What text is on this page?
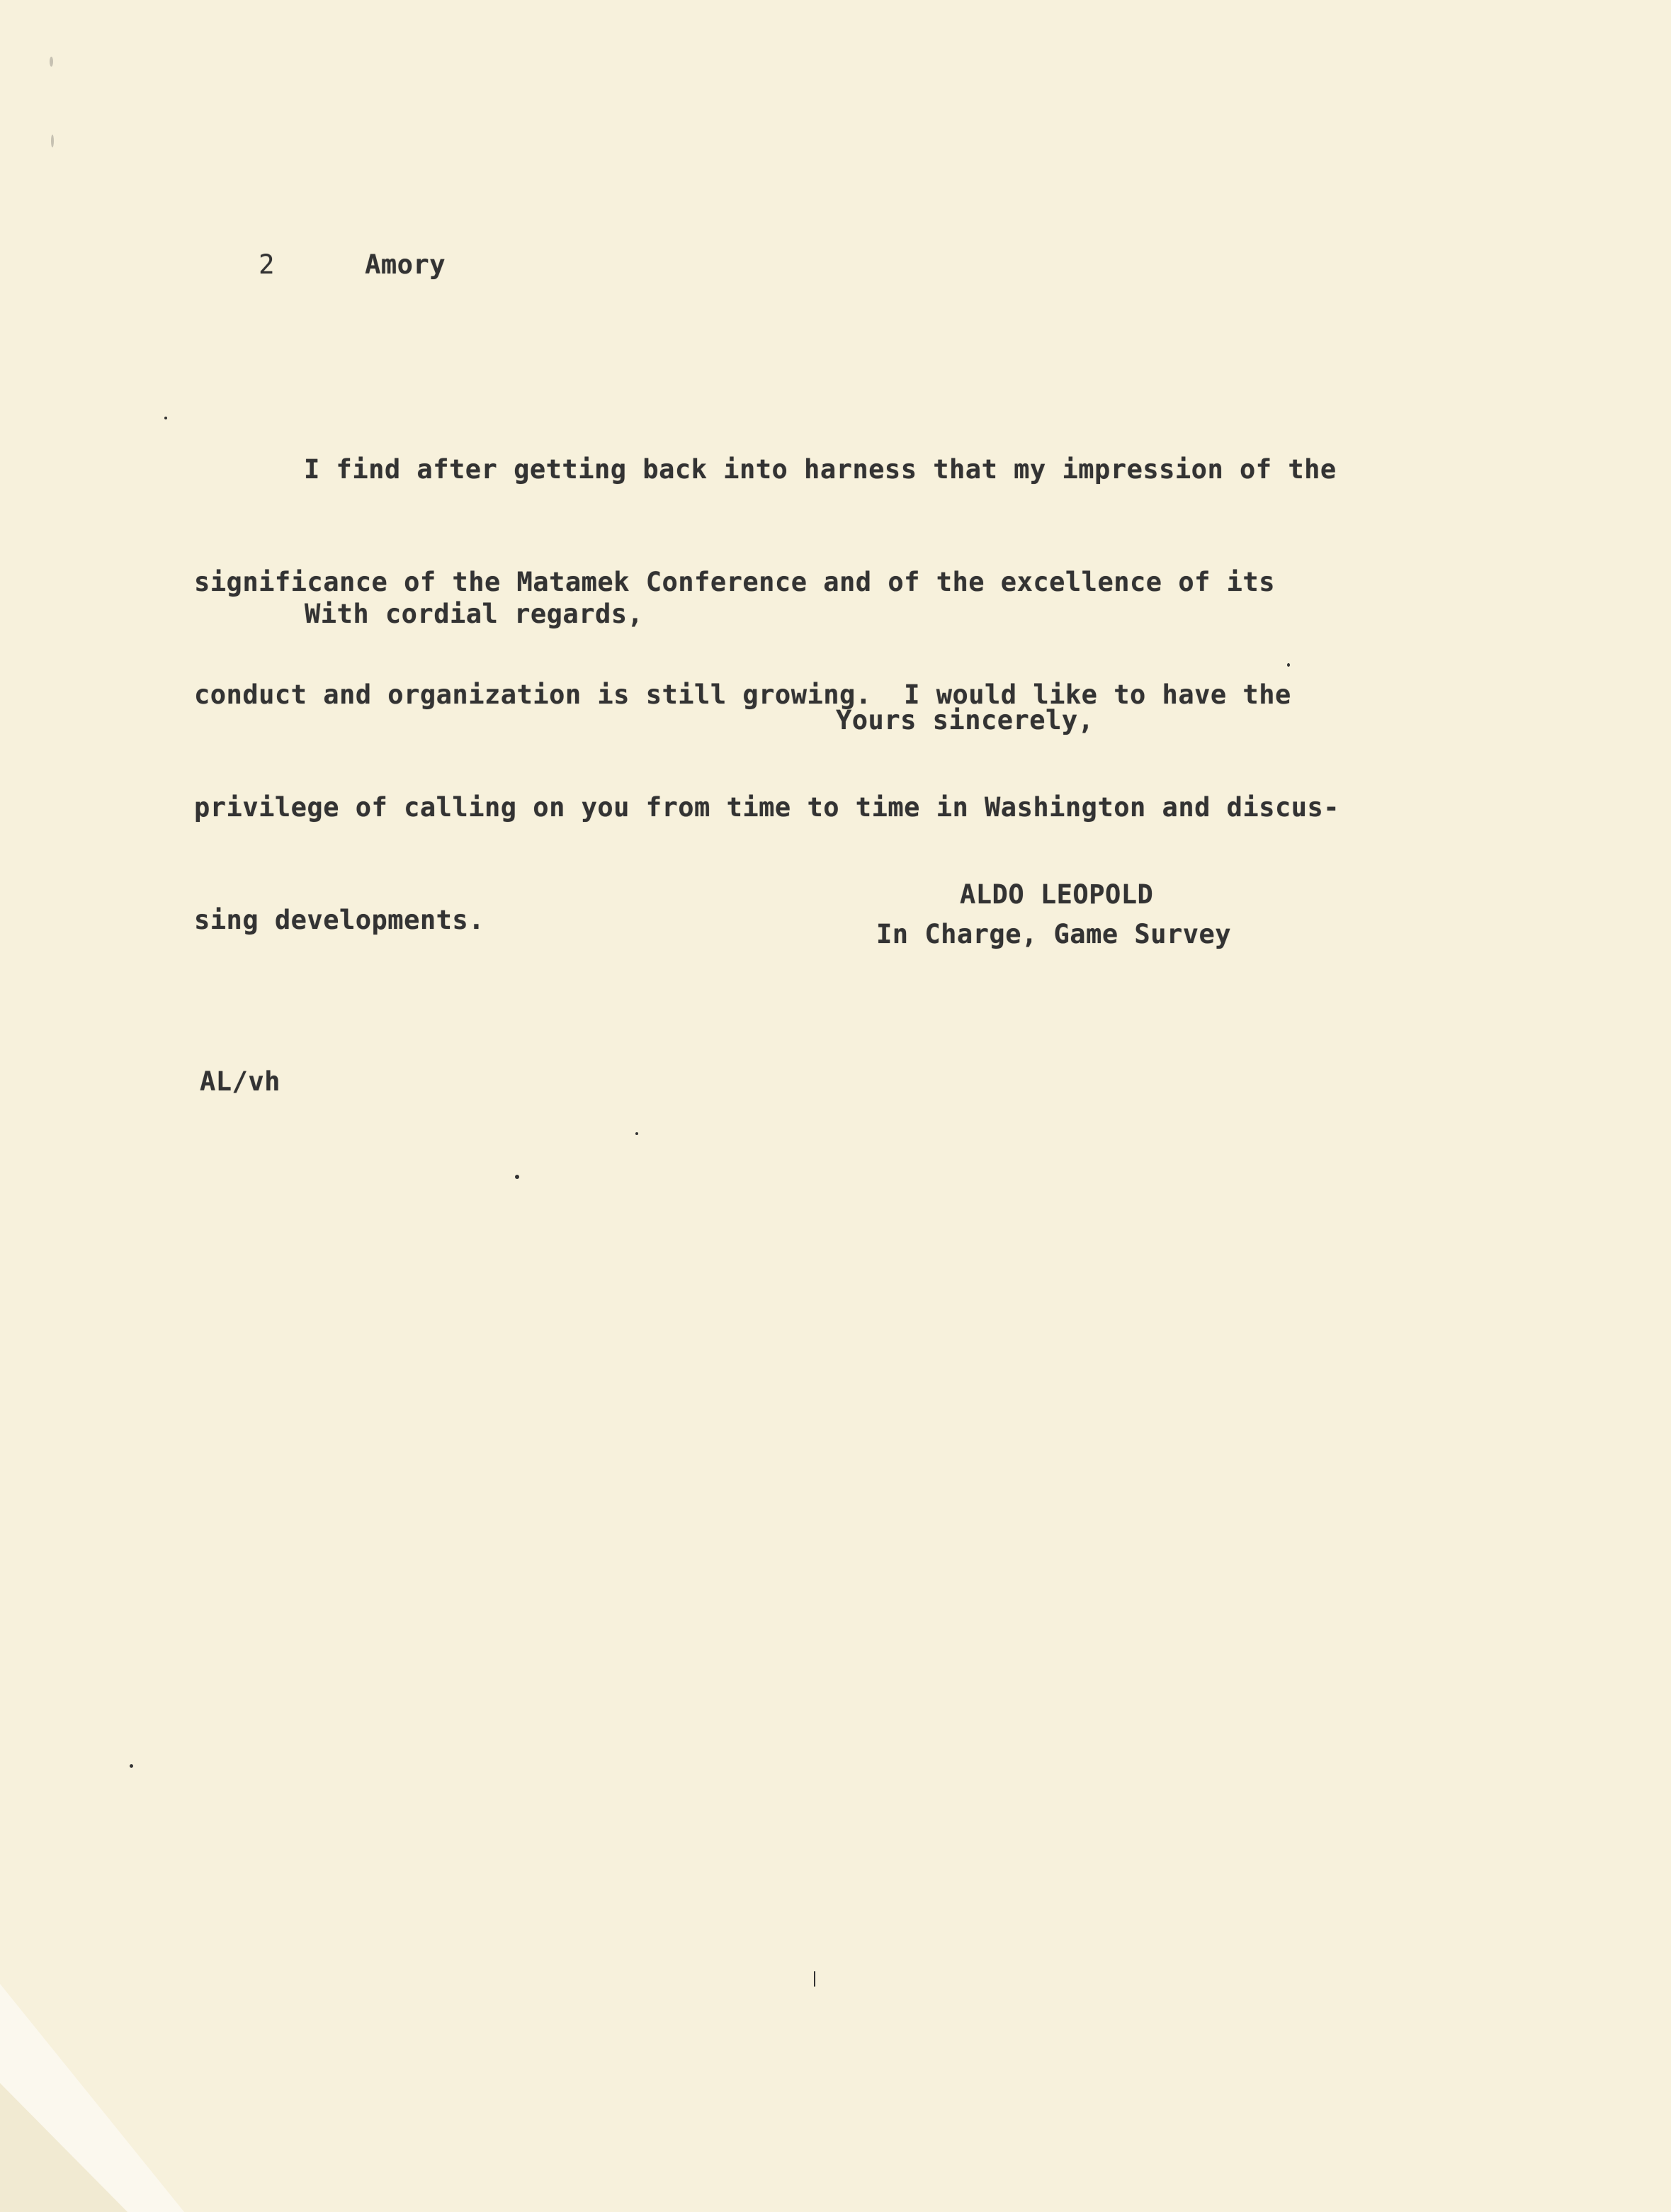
2	Amory

I find after getting back into harness that my impression of the

significance of the Matamek Conference and of the excellence of its

conduct and organization is still growing.  I would like to have the

privilege of calling on you from time to time in Washington and discus-

sing developments.

With cordial regards,
Yours sincerely,
ALDO LEOPOLD
In Charge, Game Survey
AL/vh
